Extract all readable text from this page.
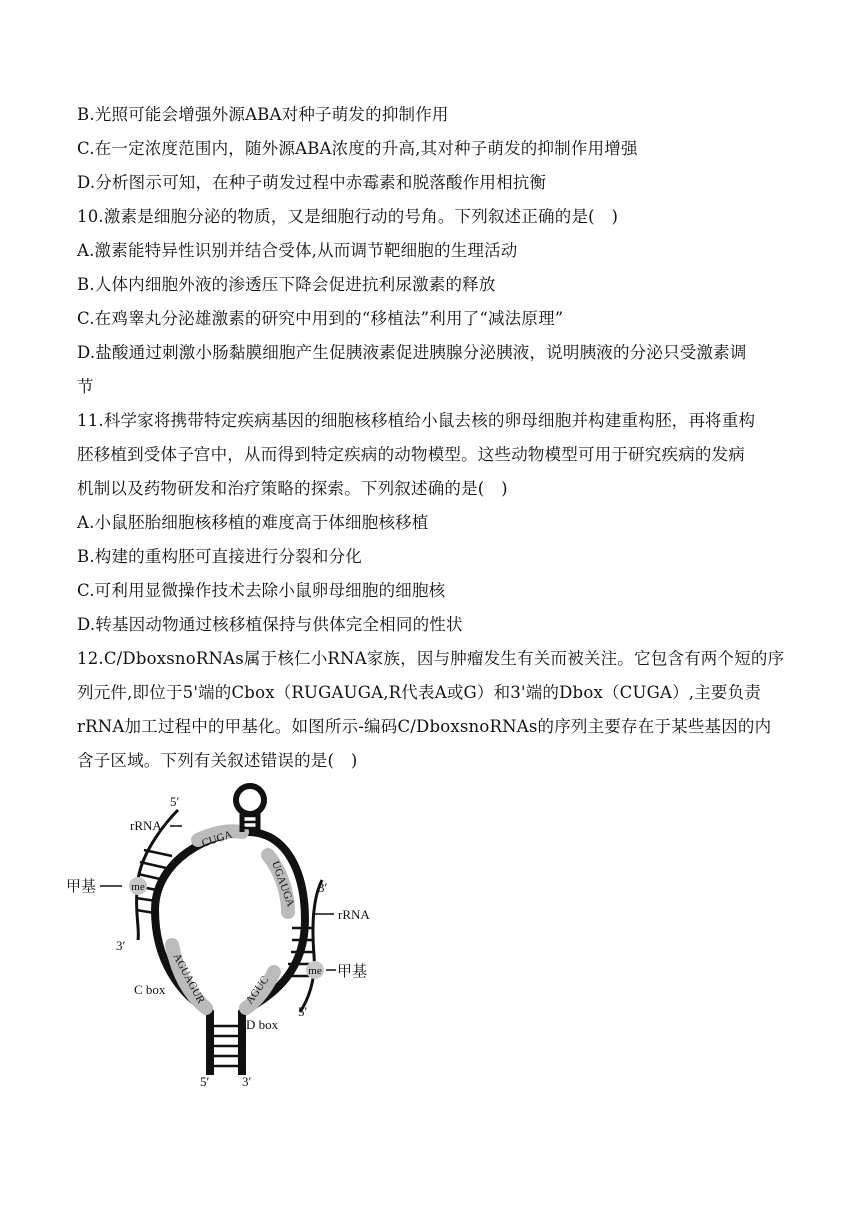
B.光照可能会增强外源ABA对种子萌发的抑制作用
C.在一定浓度范围内，随外源ABA浓度的升高,其对种子萌发的抑制作用增强
D.分析图示可知，在种子萌发过程中赤霉素和脱落酸作用相抗衡
10.激素是细胞分泌的物质，又是细胞行动的号角。下列叙述正确的是(　)
A.激素能特异性识别并结合受体,从而调节靶细胞的生理活动
B.人体内细胞外液的渗透压下降会促进抗利尿激素的释放
C.在鸡睾丸分泌雄激素的研究中用到的“移植法”利用了“减法原理”
D.盐酸通过刺激小肠黏膜细胞产生促胰液素促进胰腺分泌胰液，说明胰液的分泌只受激素调
节
11.科学家将携带特定疾病基因的细胞核移植给小鼠去核的卵母细胞并构建重构胚，再将重构
胚移植到受体子宫中，从而得到特定疾病的动物模型。这些动物模型可用于研究疾病的发病
机制以及药物研发和治疗策略的探索。下列叙述确的是(　)
A.小鼠胚胎细胞核移植的难度高于体细胞核移植
B.构建的重构胚可直接进行分裂和分化
C.可利用显微操作技术去除小鼠卵母细胞的细胞核
D.转基因动物通过核移植保持与供体完全相同的性状
12.C/DboxsnoRNAs属于核仁小RNA家族，因与肿瘤发生有关而被关注。它包含有两个短的序
列元件,即位于5'端的Cbox（RUGAUGA,R代表A或G）和3'端的Dbox（CUGA）,主要负责
rRNA加工过程中的甲基化。如图所示-编码C/DboxsnoRNAs的序列主要存在于某些基因的内
含子区域。下列有关叙述错误的是(　)
me
甲基
me 甲基
5′
rRNA
3′
3′
rRNA
5′
CUGA
UGAUGA
AGUAGUR	AGUC
C box
D box
5′	3′
